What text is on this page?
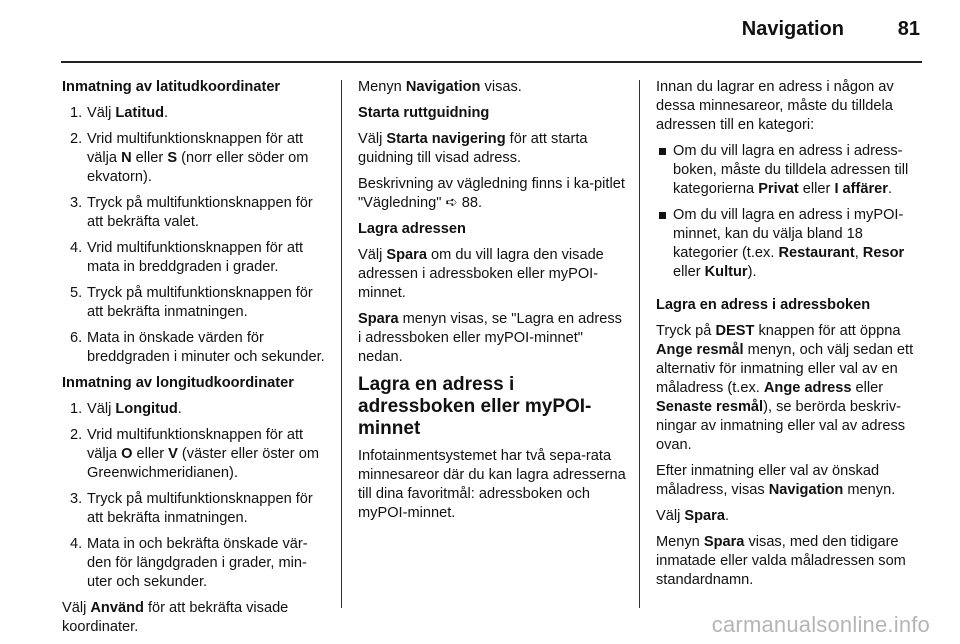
Navigation	81

Inmatning av latitudkoordinater

1. Välj Latitud.
2. Vrid multifunktionsknappen för att välja N eller S (norr eller söder om ekvatorn).
3. Tryck på multifunktionsknappen för att bekräfta valet.
4. Vrid multifunktionsknappen för att mata in breddgraden i grader.
5. Tryck på multifunktionsknappen för att bekräfta inmatningen.
6. Mata in önskade värden för breddgraden i minuter och sekunder.

Inmatning av longitudkoordinater

1. Välj Longitud.
2. Vrid multifunktionsknappen för att välja O eller V (väster eller öster om Greenwichmeridianen).
3. Tryck på multifunktionsknappen för att bekräfta inmatningen.
4. Mata in och bekräfta önskade vär-den för längdgraden i grader, min-uter och sekunder.

Välj Använd för att bekräfta visade koordinater.

Menyn Navigation visas.

Starta ruttguidning

Välj Starta navigering för att starta guidning till visad adress.

Beskrivning av vägledning finns i ka-pitlet "Vägledning" ➪ 88.

Lagra adressen

Välj Spara om du vill lagra den visade adressen i adressboken eller myPOI-minnet.

Spara menyn visas, se "Lagra en adress i adressboken eller myPOI-minnet" nedan.

Lagra en adress i adressboken eller myPOI-minnet

Infotainmentsystemet har två sepa-rata minnesareor där du kan lagra adresserna till dina favoritmål: adressboken och myPOI-minnet.

Innan du lagrar en adress i någon av dessa minnesareor, måste du tilldela adressen till en kategori:

Om du vill lagra en adress i adress-boken, måste du tilldela adressen till kategorierna Privat eller I affärer.
Om du vill lagra en adress i myPOI-minnet, kan du välja bland 18 kategorier (t.ex. Restaurant, Resor eller Kultur).

Lagra en adress i adressboken

Tryck på DEST knappen för att öppna Ange resmål menyn, och välj sedan ett alternativ för inmatning eller val av en måladress (t.ex. Ange adress eller Senaste resmål), se berörda beskriv-ningar av inmatning eller val av adress ovan.

Efter inmatning eller val av önskad måladress, visas Navigation menyn.

Välj Spara.

Menyn Spara visas, med den tidigare inmatade eller valda måladressen som standardnamn.

carmanualsonline.info
